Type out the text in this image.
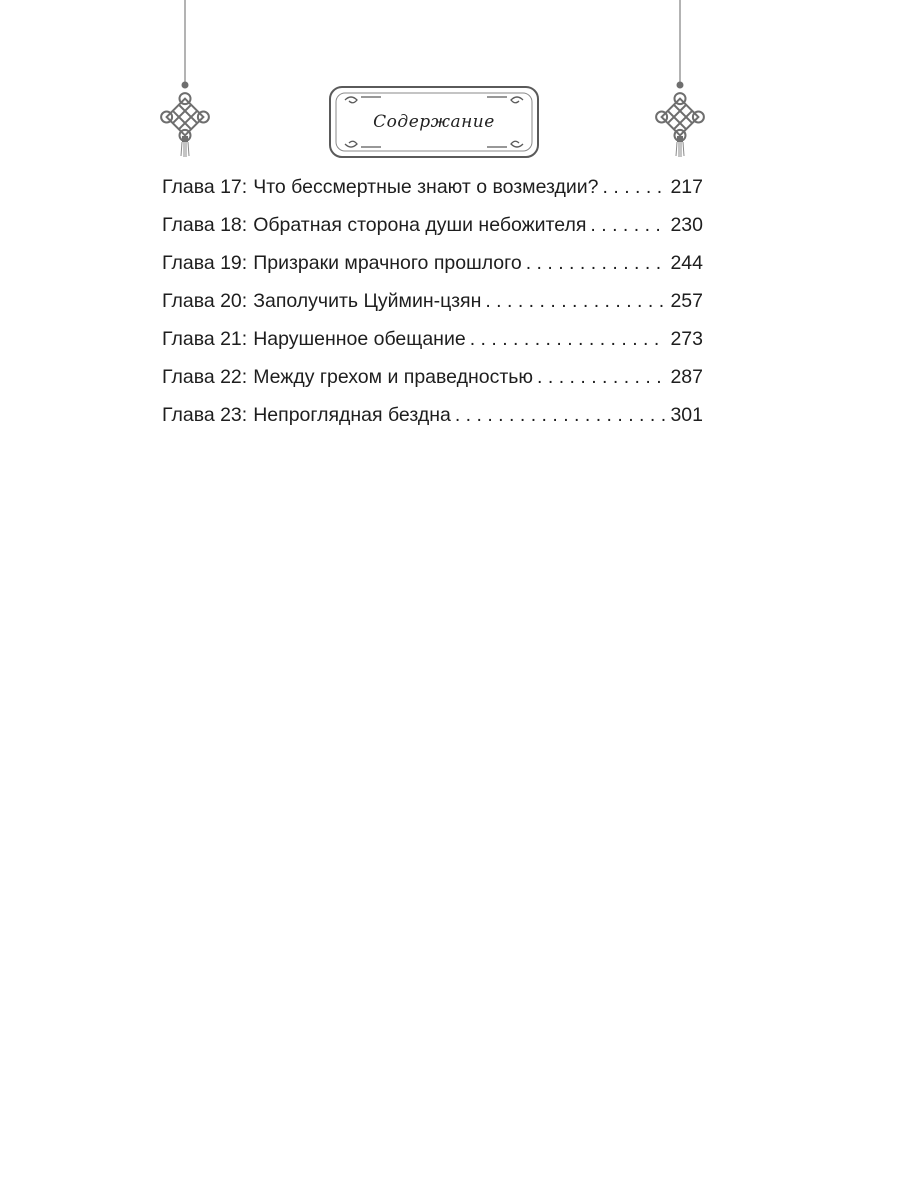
Содержание
Глава 17: Что бессмертные знают о возмездии? . . .	217
Глава 18: Обратная сторона души небожителя . . .	230
Глава 19: Призраки мрачного прошлого . . .	244
Глава 20: Заполучить Цуймин-цзян . . .	257
Глава 21: Нарушенное обещание . . .	273
Глава 22: Между грехом и праведностью . . .	287
Глава 23: Непроглядная бездна . . .	301
